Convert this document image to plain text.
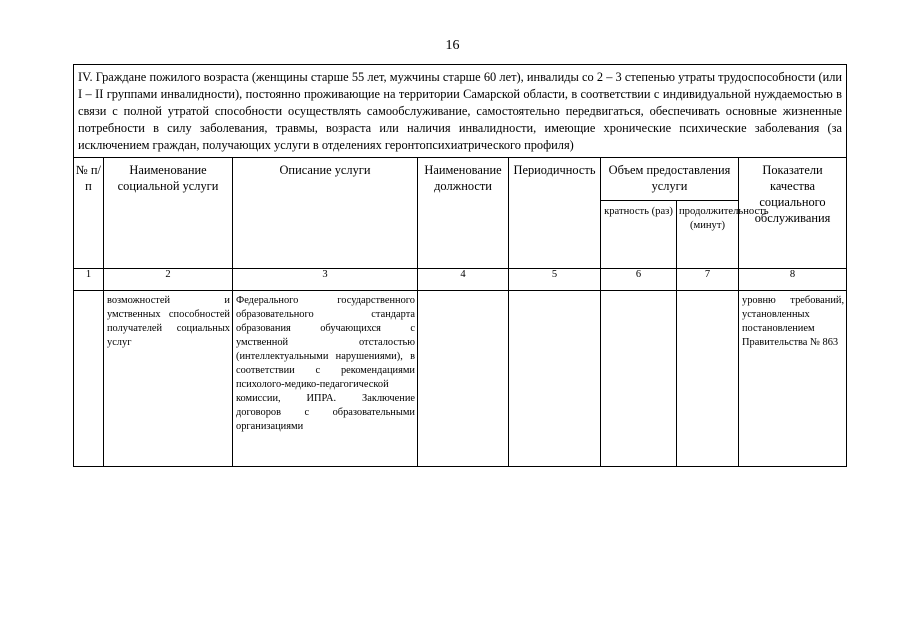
16
IV. Граждане пожилого возраста (женщины старше 55 лет, мужчины старше 60 лет), инвалиды со 2 – 3 степенью утраты трудоспособности (или I – II группами инвалидности), постоянно проживающие на территории Самарской области, в соответствии с индивидуальной нуждаемостью в связи с полной утратой способности осуществлять самообслуживание, самостоятельно передвигаться, обеспечивать основные жизненные потребности в силу заболевания, травмы, возраста или наличия инвалидности, имеющие хронические психические заболевания (за исключением граждан, получающих услуги в отделениях геронтопсихиатрического профиля)							
№ п/п	Наименование социальной услуги	Описание услуги	Наименование должности	Периодичность	Объем предоставления услуги		Показатели качества социального обслуживания
					кратность (раз)	продолжительность (минут)	
1	2	3	4	5	6	7	8
	возможностей и умственных способностей получателей социальных услуг	Федерального государственного образовательного стандарта образования обучающихся с умственной отсталостью (интеллектуальными нарушениями), в соответствии с рекомендациями психолого-медико-педагогической комиссии, ИПРА. Заключение договоров с образовательными организациями					уровню требований, установленных постановлением Правительства № 863
